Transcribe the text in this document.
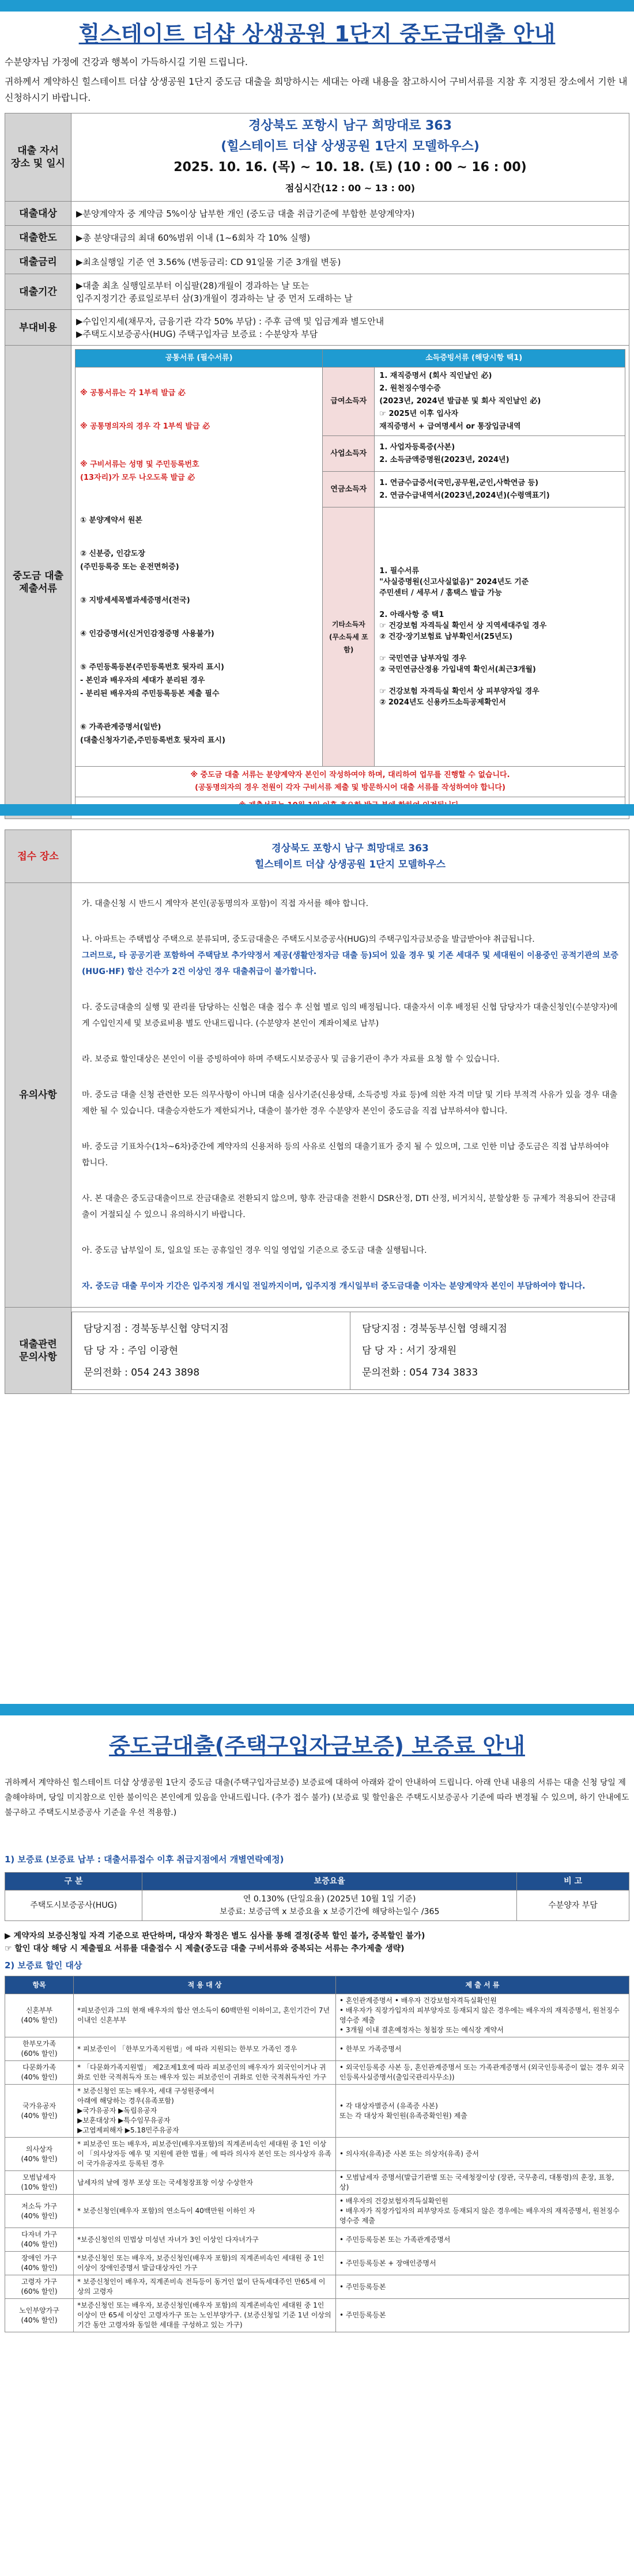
힐스테이트 더샵 상생공원 1단지 중도금대출 안내
수분양자님 가정에 건강과 행복이 가득하시길 기원 드립니다.
귀하께서 계약하신 힐스테이트 더샵 상생공원 1단지 중도금 대출을 희망하시는 세대는 아래 내용을 참고하시어 구비서류를 지참 후 지정된 장소에서 기한 내 신청하시기 바랍니다.
대출 자서
장소 및 일시	
경상북도 포항시 남구 희망대로 363
(힐스테이트 더샵 상생공원 1단지 모델하우스)
2025. 10. 16. (목) ~ 10. 18. (토) (10 : 00 ~ 16 : 00)
점심시간(12 : 00 ~ 13 : 00)

대출대상	▶분양계약자 중 계약금 5%이상 납부한 개인 (중도금 대출 취급기준에 부합한 분양계약자)
대출한도	▶총 분양대금의 최대 60%범위 이내 (1~6회차 각 10% 실행)
대출금리	▶최초실행일 기준 연 3.56% (변동금리: CD 91일물 기준 3개월 변동)
대출기간	▶대출 최초 실행일로부터 이십팔(28)개월이 경과하는 날 또는
입주지정기간 종료일로부터 삼(3)개월이 경과하는 날 중 먼저 도래하는 날
부대비용	▶수입인지세(채무자, 금융기관 각각 50% 부담) : 주후 금액 및 입금계좌 별도안내
▶주택도시보증공사(HUG) 주택구입자금 보증료 : 수분양자 부담
중도금 대출
제출서류	
공통서류 (필수서류)	소득증빙서류 (해당시항 택1)

※ 공통서류는 각 1부씩 발급 必

※ 공통명의자의 경우 각 1부씩 발급 必

※ 구비서류는 성명 및 주민등록번호
(13자리)가 모두 나오도록 발급 必

① 분양계약서 원본

② 신분증, 인감도장
(주민등록증 또는 운전면허증)

③ 지방세세목별과세증명서(전국)

④ 인감증명서(신거인감정증명 사용불가)

⑤ 주민등록등본(주민등록번호 뒷자리 표시)
- 본인과 배우자의 세대가 분리된 경우
- 분리된 배우자의 주민등록등본 제출 필수

⑥ 가족관계증명서(일반)
(대출신청자기준,주민등록번호 뒷자리 표시)

	급여소득자	1. 재직증명서 (회사 직인날인 必)
2. 원천징수영수증
(2023년, 2024년 발급분 및 회사 직인날인 必)
☞ 2025년 이후 입사자
재직증명서 + 급여명세서 or 통장입금내역
사업소득자	1. 사업자등록증(사본)
2. 소득금액증명원(2023년, 2024년)
연금소득자	1. 연금수급증서(국민,공무원,군인,사학연금 등)
2. 연금수급내역서(2023년,2024년)(수령액표기)
기타소득자
(무소득세 포함)	1. 필수서류
"사실증명원(신고사실없음)" 2024년도 기준
주민센터 / 세무서 / 홈택스 발급 가능

2. 아래사항 중 택1
☞ 건강보험 자격득실 확인서 상 지역세대주일 경우
② 건강·장기보험료 납부확인서(25년도)

☞ 국민연금 납부자일 경우
② 국민연금산정용 가입내역 확인서(최근3개월)

☞ 건강보험 자격득실 확인서 상 피부양자일 경우
② 2024년도 신용카드소득공제확인서
※ 중도금 대출 서류는 분양계약자 본인이 작성하여야 하며, 대리하여 업무를 진행할 수 없습니다.
(공동명의자의 경우 전원이 각자 구비서류 제출 및 방문하시어 대출 서류를 작성하여야 합니다)

접수 장소	
경상북도 포항시 남구 희망대로 363
힐스테이트 더샵 상생공원 1단지 모델하우스

유의사항	
가. 대출신청 시 반드시 계약자 본인(공동명의자 포함)이 직접 자서를 해야 합니다.
나. 아파트는 주택법상 주택으로 분류되며, 중도금대출은 주택도시보증공사(HUG)의 주택구입자금보증을 발급받아야 취급됩니다.
그러므로, 타 공공기관 포함하여 주택담보 추가약정서 제공(생활안정자금 대출 등)되어 있을 경우 및 기존 세대주 및 세대원이 이용중인 공적기관의 보증(HUG·HF) 합산 건수가 2건 이상인 경우 대출취급이 불가합니다.
다. 중도금대출의 실행 및 관리를 담당하는 신협은 대출 접수 후 신협 별로 임의 배정됩니다. 대출자서 이후 배정된 신협 담당자가 대출신청인(수분양자)에게 수입인지세 및 보증료비용 별도 안내드립니다. (수분양자 본인이 계좌이체로 납부)
라. 보증료 할인대상은 본인이 이를 증빙하여야 하며 주택도시보증공사 및 금융기관이 추가 자료를 요청 할 수 있습니다.
마. 중도금 대출 신청 관련한 모든 의무사항이 아니며 대출 심사기준(신용상태, 소득증빙 자료 등)에 의한 자격 미달 및 기타 부적격 사유가 있을 경우 대출제한 될 수 있습니다. 대출승자한도가 제한되거나, 대출이 불가한 경우 수분양자 본인이 중도금을 직접 납부하셔야 합니다.
바. 중도금 기표차수(1차~6차)중간에 계약자의 신용저하 등의 사유로 신협의 대출기표가 중지 될 수 있으며, 그로 인한 미납 중도금은 직접 납부하여야 합니다.
사. 본 대출은 중도금대출이므로 잔금대출로 전환되지 않으며, 향후 잔금대출 전환시 DSR산정, DTI 산정, 비거치식, 분할상환 등 규제가 적용되어 잔금대출이 거절되실 수 있으니 유의하시기 바랍니다.
아. 중도금 납부일이 토, 일요일 또는 공휴일인 경우 익일 영업일 기준으로 중도금 대출 실행됩니다.
자. 중도금 대출 무이자 기간은 입주지정 개시일 전일까지이며, 입주지정 개시일부터 중도금대출 이자는 분양계약자 본인이 부담하여야 합니다.

대출관련
문의사항	
담당지점 : 경북동부신협 양덕지점
담 당 자 : 주임 이광현
문의전화 : 054 243 3898

담당지점 : 경북동부신협 영해지점
담 당 자 : 서기 장재원
문의전화 : 054 734 3833
중도금대출(주택구입자금보증) 보증료 안내
귀하께서 계약하신 힐스테이트 더샵 상생공원 1단지 중도금 대출(주택구입자금보증) 보증료에 대하여 아래와 같이 안내하여 드립니다. 아래 안내 내용의 서류는 대출 신청 당일 제출해야하며, 당일 미지참으로 인한 불이익은 본인에게 있음을 안내드립니다. (추가 접수 불가) (보증료 및 할인율은 주택도시보증공사 기준에 따라 변경될 수 있으며, 하기 안내에도 불구하고 주택도시보증공사 기준을 우선 적용함.)
1) 보증료 (보증료 납부 : 대출서류접수 이후 취급지점에서 개별연락예정)
구 분	보증요율	비 고
주택도시보증공사(HUG)	연 0.130% (단일요율) (2025년 10월 1일 기준)
보증료: 보증금액 x 보증요율 x 보증기간에 해당하는일수 /365	수분양자 부담
▶ 계약자의 보증신청일 자격 기준으로 판단하며, 대상자 확정은 별도 심사를 통해 결정(중복 할인 불가, 중복할인 불가)
☞ 할인 대상 해당 시 제출필요 서류를 대출접수 시 제출(중도금 대출 구비서류와 중복되는 서류는 추가제출 생략)
2) 보증료 할인 대상
항목	적 용 대 상	제 출 서 류
신혼부부
(40% 할인)	*피보증인과 그의 현재 배우자의 합산 연소득이 60백만원 이하이고, 혼인기간이 7년 이내인 신혼부부	• 혼인관계증명서 • 배우자 건강보험자격득실확인원
• 배우자가 직장가입자의 피부양자로 등재되지 않은 경우에는 배우자의 재직증명서, 원천징수영수증 제출
• 3개월 이내 결혼예정자는 청첩장 또는 예식장 계약서
한부모가족
(60% 할인)	* 피보증인이 「한부모가족지원법」에 따라 지원되는 한부모 가족인 경우	• 한부모 가족증명서
다문화가족
(40% 할인)	* 「다문화가족지원법」 제2조제1호에 따라 피보증인의 배우자가 외국인이거나 귀화로 인한 국적취득자 또는 배우자 있는 피보증인이 귀화로 인한 국적취득자인 가구	• 외국인등록증 사본 등, 혼인관계증명서 또는 가족관계증명서 (외국인등록증이 없는 경우 외국인등록사실증명서(출입국관리사무소))
국가유공자
(40% 할인)	* 보증신청인 또는 배우자, 세대 구성원중에서
아래에 해당하는 경우(유족포함)
▶국가유공자 ▶독립유공자
▶보훈대상자 ▶특수임무유공자
▶고엽제피해자 ▶5.18민주유공자	• 각 대상자별증서 (유족증 사본)
또는 각 대상자 확인원(유족증확인원) 제출
의사상자
(40% 할인)	* 피보증인 또는 배우자, 피보증인(배우자포함)의 직계존비속인 세대원 중 1인 이상이 「의사상자등 예우 및 지원에 관한 법률」에 따라 의사자 본인 또는 의사상자 유족이 국가유공자로 등록된 경우	• 의사자(유족)증 사본 또는 의상자(유족) 증서
모범납세자
(10% 할인)	납세자의 날에 정부 포상 또는 국세청장표창 이상 수상한자	• 모범납세자 증명서(발급기관별 또는 국세청장이상 (장관, 국무총리, 대통령)의 훈장, 표창, 상)
저소득 가구
(40% 할인)	* 보증신청인(배우자 포함)의 연소득이 40백만원 이하인 자	• 배우자의 건강보험자격득실확인원
• 배우자가 직장가입자의 피부양자로 등재되지 않은 경우에는 배우자의 재직증명서, 원천징수영수증 제출
다자녀 가구
(40% 할인)	*보증신청인의 민법상 미성년 자녀가 3인 이상인 다자녀가구	• 주민등록등본 또는 가족관계증명서
장애인 가구
(40% 할인)	*보증신청인 또는 배우자, 보증신청인(배우자 포함)의 직계존비속인 세대원 중 1인 이상이 장애인증명서 발급대상자인 가구	• 주민등록등본 + 장애인증명서
고령자 가구
(60% 할인)	* 보증신청인이 배우자, 직계존비속 전득등이 동거인 없이 단독세대주인 만65세 이상의 고령자	• 주민등록등본
노인부양가구
(40% 할인)	*보증신청인 또는 배우자, 보증신청인(배우자 포함)의 직계존비속인 세대원 중 1인 이상이 만 65세 이상인 고령자가구 또는 노인부양가구. (보증신청일 기준 1년 이상의 기간 동안 고령자와 동일한 세대를 구성하고 있는 가구)	• 주민등록등본
